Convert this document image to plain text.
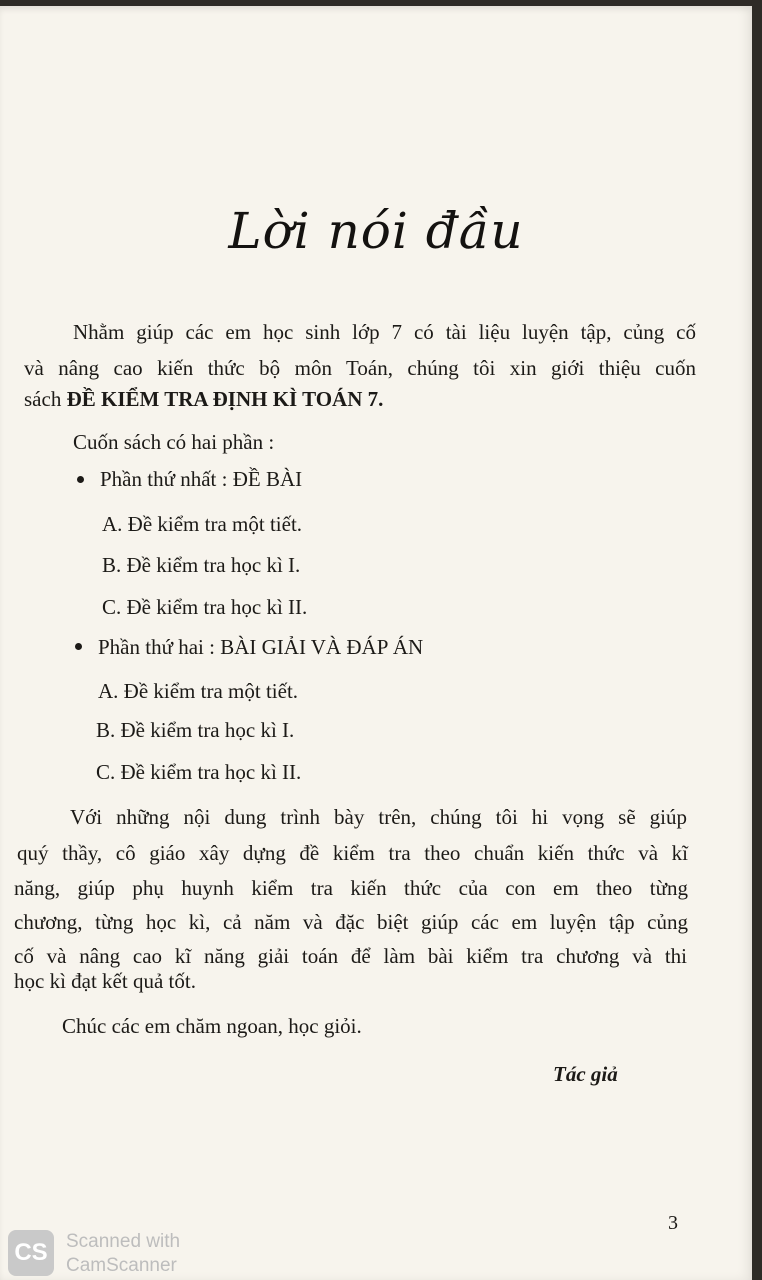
Lời nói đầu
Nhằm giúp các em học sinh lớp 7 có tài liệu luyện tập, củng cố
và nâng cao kiến thức bộ môn Toán, chúng tôi xin giới thiệu cuốn
sách ĐỀ KIỂM TRA ĐỊNH KÌ TOÁN 7.
Cuốn sách có hai phần :
Phần thứ nhất : ĐỀ BÀI
A. Đề kiểm tra một tiết.
B. Đề kiểm tra học kì I.
C. Đề kiểm tra học kì II.
Phần thứ hai : BÀI GIẢI VÀ ĐÁP ÁN
A. Đề kiểm tra một tiết.
B. Đề kiểm tra học kì I.
C. Đề kiểm tra học kì II.
Với những nội dung trình bày trên, chúng tôi hi vọng sẽ giúp
quý thầy, cô giáo xây dựng đề kiểm tra theo chuẩn kiến thức và kĩ
năng, giúp phụ huynh kiểm tra kiến thức của con em theo từng
chương, từng học kì, cả năm và đặc biệt giúp các em luyện tập củng
cố và nâng cao kĩ năng giải toán để làm bài kiểm tra chương và thi
học kì đạt kết quả tốt.
Chúc các em chăm ngoan, học giỏi.
Tác giả
3
CS Scanned with
CamScanner
